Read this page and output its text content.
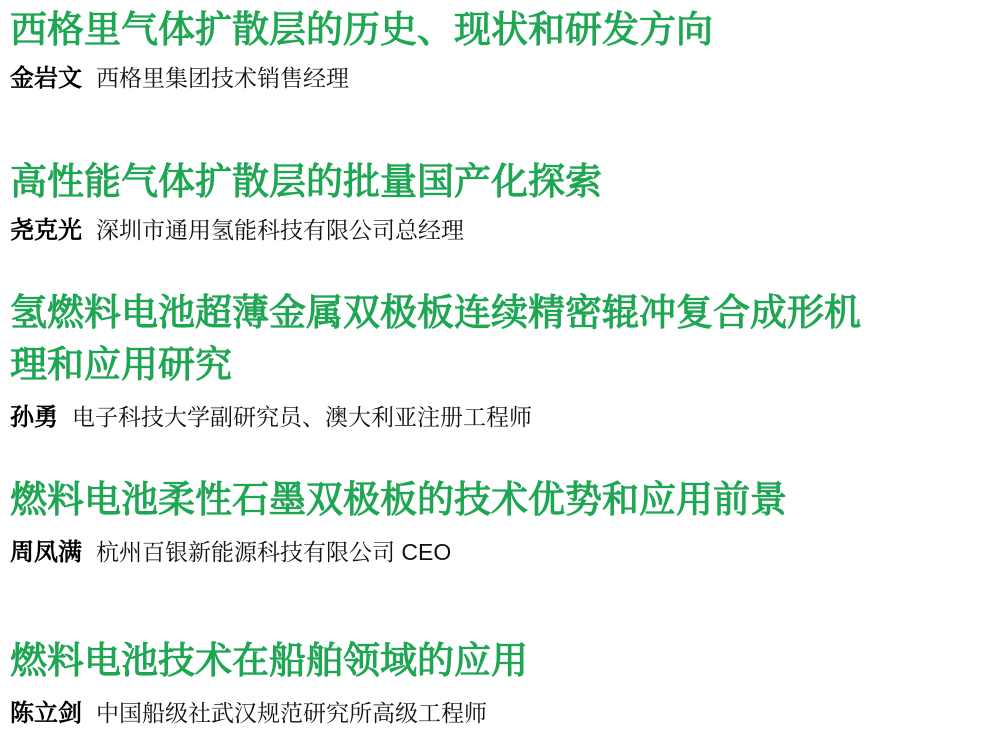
西格里气体扩散层的历史、现状和研发方向

金岩文 西格里集团技术销售经理

高性能气体扩散层的批量国产化探索

尧克光 深圳市通用氢能科技有限公司总经理

氢燃料电池超薄金属双极板连续精密辊冲复合成形机理和应用研究

孙勇 电子科技大学副研究员、澳大利亚注册工程师

燃料电池柔性石墨双极板的技术优势和应用前景

周凤满 杭州百银新能源科技有限公司 CEO

燃料电池技术在船舶领域的应用

陈立剑 中国船级社武汉规范研究所高级工程师
